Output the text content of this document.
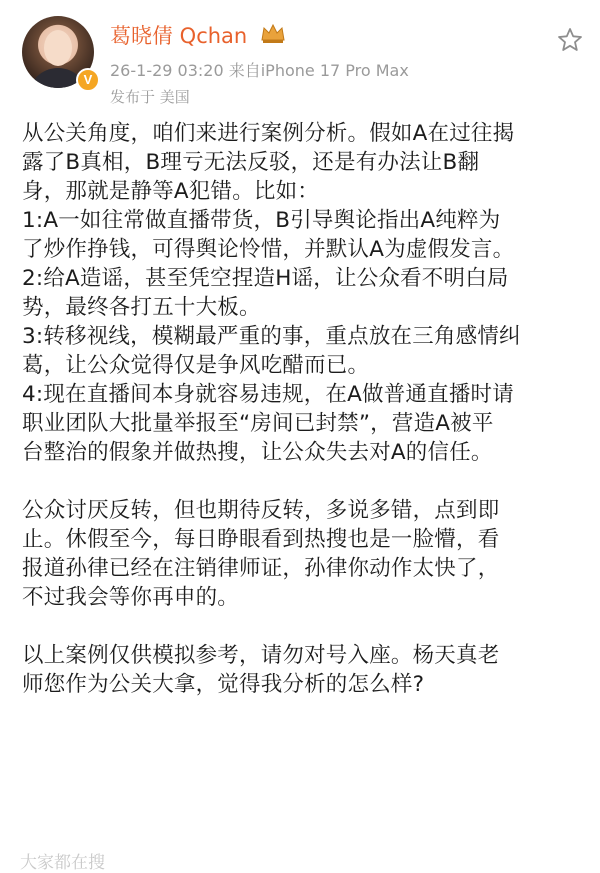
V
葛晓倩 Qchan
26-1-29 03:20 来自iPhone 17 Pro Max
发布于 美国
从公关角度，咱们来进行案例分析。假如A在过往揭
露了B真相，B理亏无法反驳，还是有办法让B翻
身，那就是静等A犯错。比如：
1:A一如往常做直播带货，B引导舆论指出A纯粹为
了炒作挣钱，可得舆论怜惜，并默认A为虚假发言。
2:给A造谣，甚至凭空捏造H谣，让公众看不明白局
势，最终各打五十大板。
3:转移视线，模糊最严重的事，重点放在三角感情纠
葛，让公众觉得仅是争风吃醋而已。
4:现在直播间本身就容易违规，在A做普通直播时请
职业团队大批量举报至“房间已封禁”，营造A被平
台整治的假象并做热搜，让公众失去对A的信任。
公众讨厌反转，但也期待反转，多说多错，点到即
止。休假至今，每日睁眼看到热搜也是一脸懵，看
报道孙律已经在注销律师证，孙律你动作太快了，
不过我会等你再申的。
以上案例仅供模拟参考，请勿对号入座。杨天真老
师您作为公关大拿，觉得我分析的怎么样?
大家都在搜
